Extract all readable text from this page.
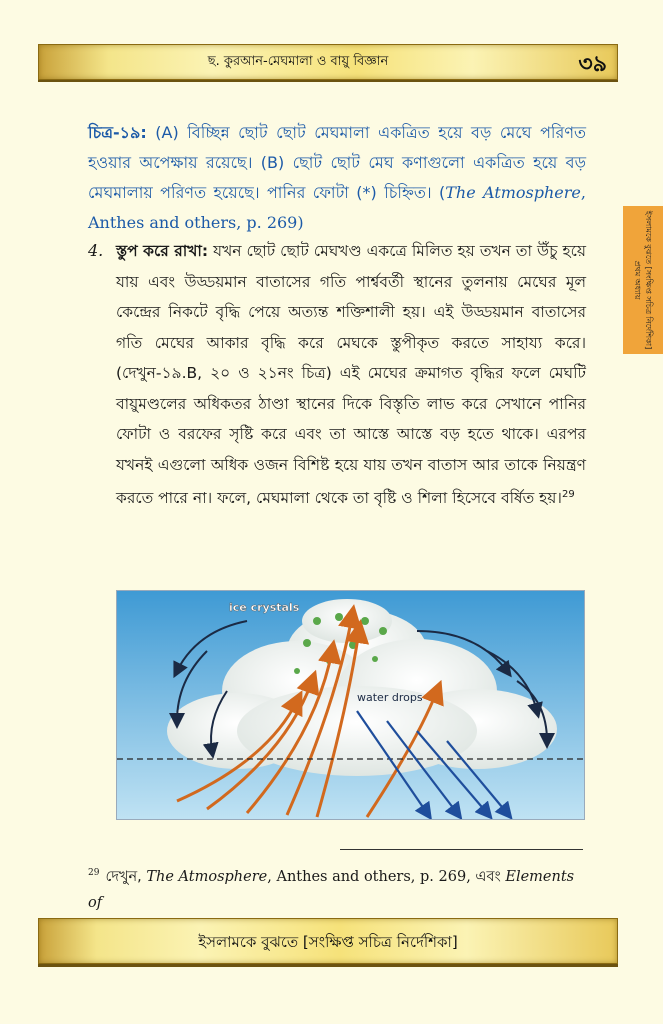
ছ. কুরআন-মেঘমালা ও বায়ু বিজ্ঞান	৩৯
ইসলামকে বুঝতে [সংক্ষিপ্ত সচিত্র নির্দেশিকা]
প্রথম অধ্যায়
চিত্র-১৯: (A) বিচ্ছিন্ন ছোট ছোট মেঘমালা একত্রিত হয়ে বড় মেঘে পরিণত হওয়ার অপেক্ষায় রয়েছে। (B) ছোট ছোট মেঘ কণাগুলো একত্রিত হয়ে বড় মেঘমালায় পরিণত হয়েছে। পানির ফোটা (*) চিহ্নিত। (The Atmosphere, Anthes and others, p. 269)
4. স্তুপ করে রাখা: যখন ছোট ছোট মেঘখণ্ড একত্রে মিলিত হয় তখন তা উঁচু হয়ে যায় এবং উড্ডয়মান বাতাসের গতি পার্শ্ববর্তী স্থানের তুলনায় মেঘের মূল কেন্দ্রের নিকটে বৃদ্ধি পেয়ে অত্যন্ত শক্তিশালী হয়। এই উড্ডয়মান বাতাসের গতি মেঘের আকার বৃদ্ধি করে মেঘকে স্তুপীকৃত করতে সাহায্য করে। (দেখুন-১৯.B, ২০ ও ২১নং চিত্র) এই মেঘের ক্রমাগত বৃদ্ধির ফলে মেঘটি বায়ুমণ্ডলের অধিকতর ঠাণ্ডা স্থানের দিকে বিস্তৃতি লাভ করে সেখানে পানির ফোটা ও বরফের সৃষ্টি করে এবং তা আস্তে আস্তে বড় হতে থাকে। এরপর যখনই এগুলো অধিক ওজন বিশিষ্ট হয়ে যায় তখন বাতাস আর তাকে নিয়ন্ত্রণ করতে পারে না। ফলে, মেঘমালা থেকে তা বৃষ্টি ও শিলা হিসেবে বর্ষিত হয়।$^{29}$
ice crystals
water drops
$^{29}$ দেখুন, The Atmosphere, Anthes and others, p. 269, এবং Elements of
ইসলামকে বুঝতে [সংক্ষিপ্ত সচিত্র নির্দেশিকা]
